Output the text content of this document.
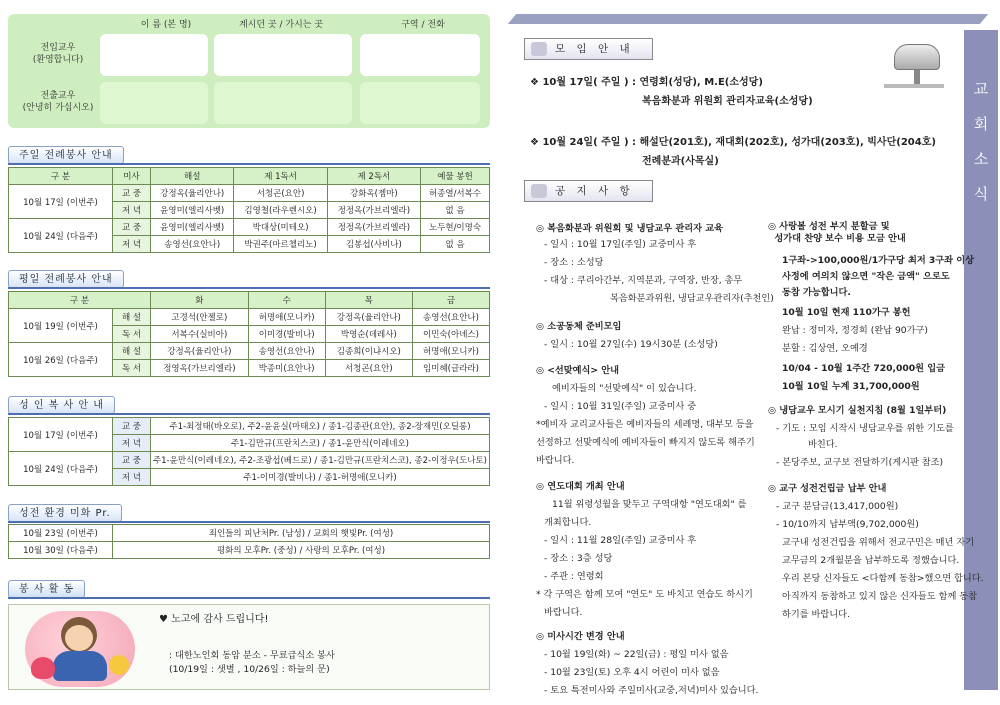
이 름 (본 명)	계시던 곳 / 가시는 곳	구역 / 전화
전입교우
(환영합니다)
전출교우
(안녕히 가십시오)
주일 전례봉사 안내
구 분	미사	해설	제 1독서	제 2독서	예물 봉헌
10월 17일 (이번주)	교 중	강정옥(율리안나)	서청곤(요안)	강화옥(젬마)	허종열/서복수
	저 녁	윤영미(엘리사벳)	김영철(라우렌시오)	정정옥(가브리엘라)	없 음
10월 24일 (다음주)	교 중	윤영미(엘리사벳)	박대상(미테오)	정정옥(가브리엘라)	노두현/이명숙
	저 녁	송영선(요안나)	박권주(마르첼리노)	김봉섭(사비나)	없 음
평일 전례봉사 안내
구 분		화	수	목	금
10월 19일 (이번주)	해 설	고경석(안젤로)	허명애(모니카)	강정옥(율리안나)	송영선(요안나)
	독 서	서복수(실비아)	이미경(발비나)	박영순(데레사)	이민숙(아녜스)
10월 26일 (다음주)	해 설	강정옥(율리안나)	송영선(요안나)	김종희(이냐시오)	허명애(모니카)
	독 서	정영옥(가브리엘라)	박종미(요안나)	서청곤(요안)	임미혜(글라라)
성 인 복 사 안 내
10월 17일 (이번주)	교 중	주1-최정태(바오로), 주2-윤윤실(마태오) / 종1-김종관(요안), 종2-장재민(오딜롱)
	저 녁	주1-김만규(프란치스코) / 종1-윤만식(이레네오)
10월 24일 (다음주)	교 중	주1-윤만식(이레네오), 주2-조광섭(베드로) / 종1-김만규(프란치스코), 종2-이정우(도나토)
	저 녁	주1-이미경(발비나) / 종1-허명애(모니카)
성전 환경 미화 Pr.
10월 23일 (이번주)	죄인들의 피난처Pr. (남성) / 교회의 햇빛Pr. (여성)
10월 30일 (다음주)	평화의 모후Pr. (중성) / 사랑의 모후Pr. (여성)
봉 사 활 동
♥ 노고에 감사 드립니다!
: 대한노인회 동암 분소 - 무료급식소 봉사
(10/19일 : 샛별 , 10/26일 : 하늘의 문)
교
회
소
식
모 임 안 내
❖ 10월 17일( 주일 ) : 연령회(성당), M.E(소성당)
복음화분과 위원회 관리자교육(소성당)
❖ 10월 24일( 주일 ) : 해설단(201호), 재대회(202호), 성가대(203호), 빅사단(204호)
전례분과(사목실)
공 지 사 항
◎ 복음화분과 위원회 및 냉담교우 관리자 교육
- 일시 : 10월 17일(주일) 교중미사 후
- 장소 : 소성당
- 대상 : 쿠리아간부, 지역분과, 구역장, 반장, 총무
복음화분과위원, 냉담교우관리자(추천인)
◎ 소공동체 준비모임
- 일시 : 10월 27일(수) 19시30분 (소성당)
◎ <선맞예식> 안내
예비자들의 "선맞예식" 이 있습니다.
- 일시 : 10월 31일(주일) 교중미사 중
*예비자 교리교사들은 예비자들의 세례명, 대부모 등을
선정하고 선맞예식에 예비자들이 빠지지 않도록 해주기
바랍니다.
◎ 연도대회 개최 안내
11월 위령성월을 맞두고 구역대항 "연도대회" 를
개최합니다.
- 일시 : 11월 28일(주일) 교중미사 후
- 장소 : 3층 성당
- 주관 : 연령회
* 각 구역은 함께 모여 "연도" 도 바치고 연습도 하시기
바랍니다.
◎ 미사시간 변경 안내
- 10월 19일(화) ~ 22일(금) : 평일 미사 없음
- 10월 23일(토) 오후 4시 어린이 미사 없음
- 토요 특전미사와 주일미사(교중,저녁)미사 있습니다.
◎ 사랑볼 성전 부지 분할금 및
성가대 찬양 보수 비용 모금 안내
1구좌->100,000원/1가구당 최저 3구좌 이상
사정에 여의치 않으면 "작은 금액" 으로도
동참 가능합니다.
10월 10일 현재 110가구 봉헌
완납 : 정미자, 정경희 (완납 90가구)
분할 : 김상연, 오예경
10/04 - 10월 1주간 720,000원 입금
10월 10일 누계 31,700,000원
◎ 냉담교우 모시기 실천지침 (8월 1일부터)
- 기도 : 모임 시작시 냉담교우를 위한 기도를
바친다.
- 본당주보, 교구보 전달하기(게시판 참조)
◎ 교구 성전건립금 납부 안내
- 교구 분담금(13,417,000원)
- 10/10까지 납부액(9,702,000원)
교구내 성전건립을 위해서 전교구민은 매년 자기
교무금의 2개월분을 납부하도록 정했습니다.
우리 본당 신자들도 <다함께 동참>했으면 합니다.
아직까지 동참하고 있지 않은 신자들도 함께 동참
하기를 바랍니다.
